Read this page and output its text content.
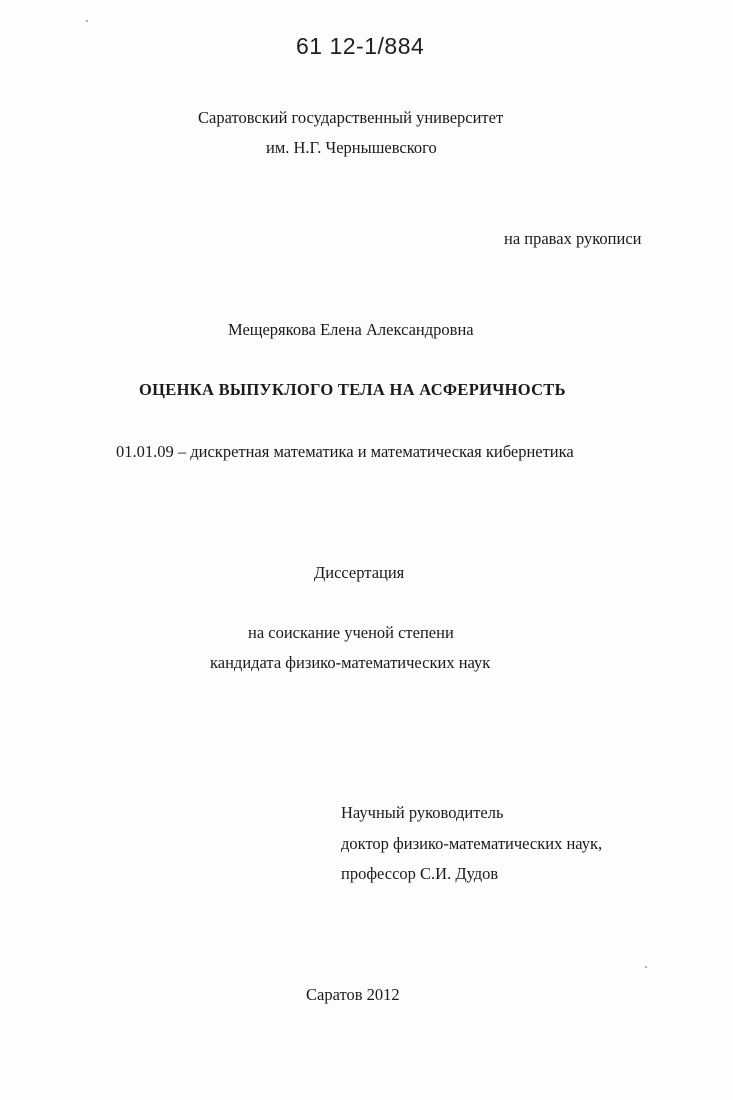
61 12-1/884
Саратовский государственный университет
им. Н.Г. Чернышевского
на правах рукописи
Мещерякова Елена Александровна
ОЦЕНКА ВЫПУКЛОГО ТЕЛА НА АСФЕРИЧНОСТЬ
01.01.09 – дискретная математика и математическая кибернетика
Диссертация
на соискание ученой степени
кандидата физико-математических наук
Научный руководитель
доктор физико-математических наук,
профессор С.И. Дудов
Саратов 2012
